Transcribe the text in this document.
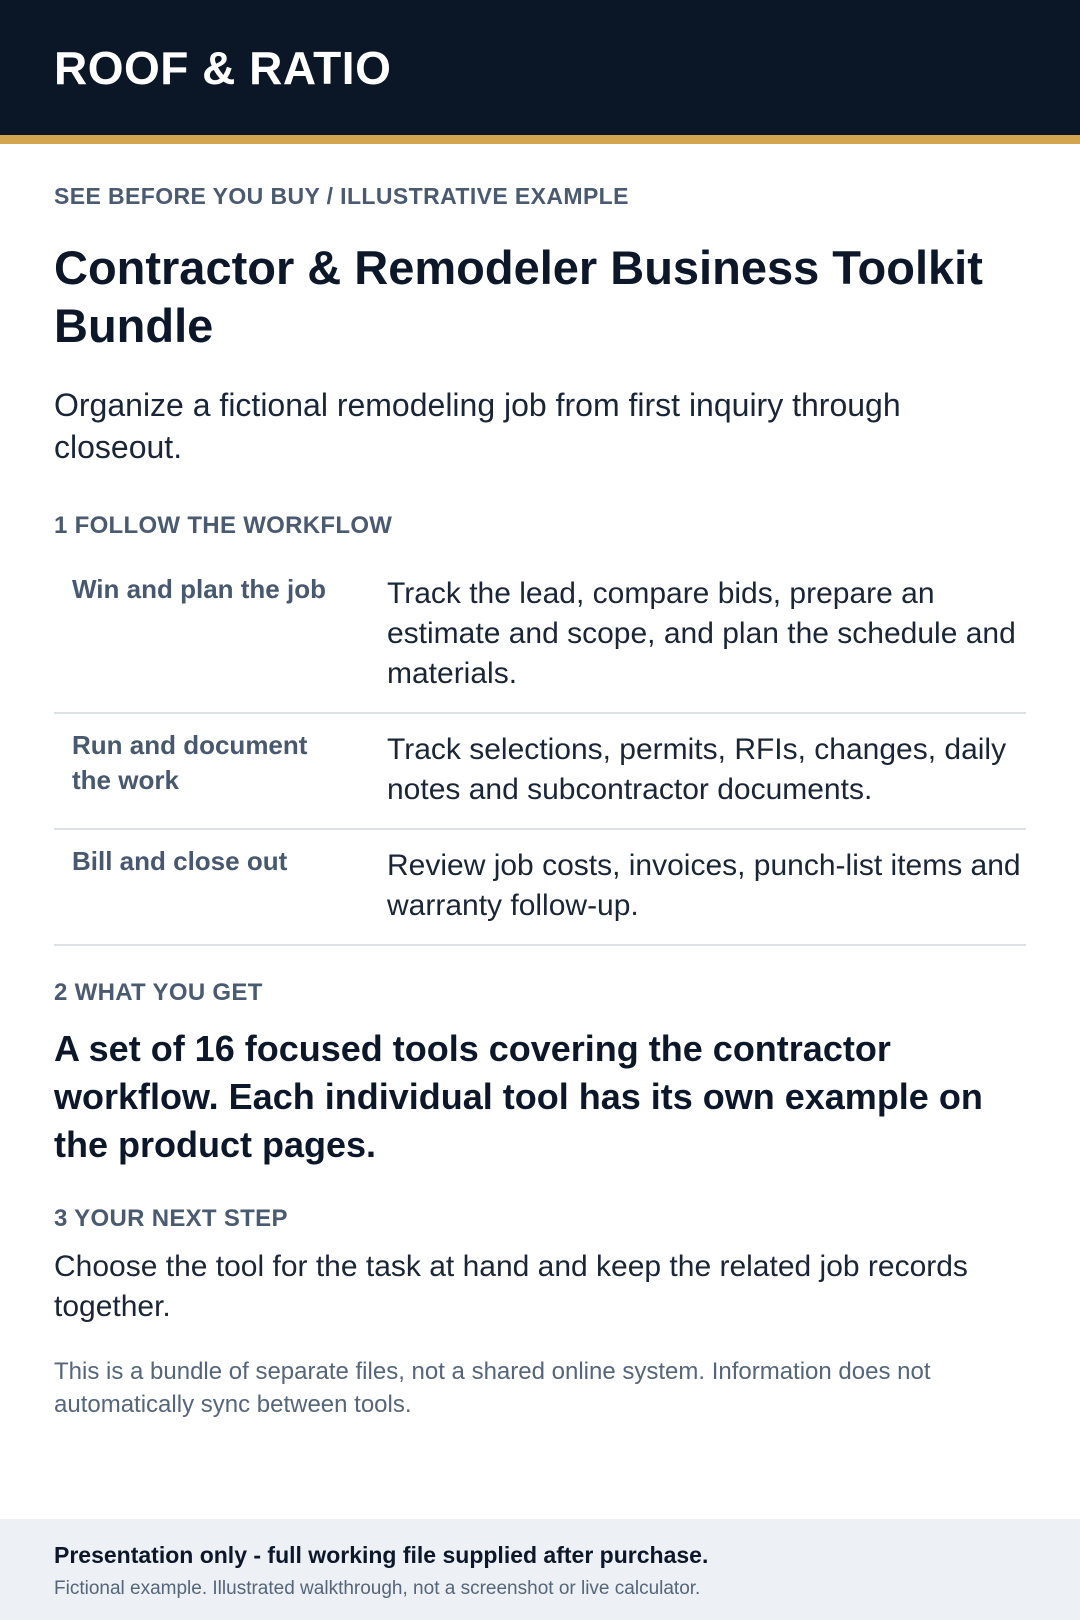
ROOF & RATIO
SEE BEFORE YOU BUY / ILLUSTRATIVE EXAMPLE
Contractor & Remodeler Business Toolkit Bundle
Organize a fictional remodeling job from first inquiry through closeout.
1 FOLLOW THE WORKFLOW
Win and plan the job	Track the lead, compare bids, prepare an estimate and scope, and plan the schedule and materials.
Run and document the work
Track selections, permits, RFIs, changes, daily notes and subcontractor documents.
Bill and close out	Review job costs, invoices, punch-list items and warranty follow-up.
2 WHAT YOU GET
A set of 16 focused tools covering the contractor workflow. Each individual tool has its own example on the product pages.
3 YOUR NEXT STEP
Choose the tool for the task at hand and keep the related job records together.
This is a bundle of separate files, not a shared online system. Information does not automatically sync between tools.
Presentation only - full working file supplied after purchase.
Fictional example. Illustrated walkthrough, not a screenshot or live calculator.
